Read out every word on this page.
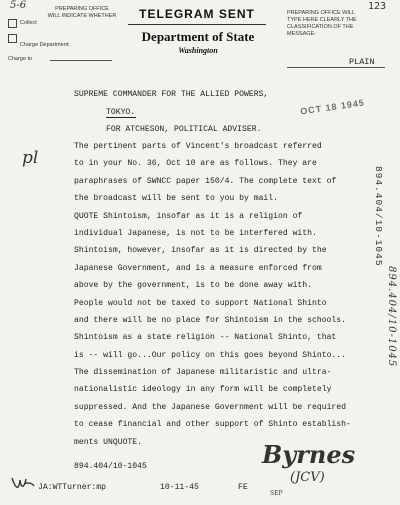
5-6	PREPARING OFFICE
WILL INDICATE WHETHER
Collect
Charge Department:
Charge to
TELEGRAM SENT
Department of State
Washington
PREPARING OFFICE WILL
TYPE HERE CLEARLY THE
CLASSIFICATION OF THE
MESSAGE:
PLAIN
123
OCT 18 1945
SUPREME COMMANDER FOR THE ALLIED POWERS,
TOKYO.
FOR ATCHESON, POLITICAL ADVISER.
pl
The pertinent parts of Vincent's broadcast referred
to in your No. 36, Oct 10 are as follows. They are
paraphrases of SWNCC paper 150/4. The complete text of
the broadcast will be sent to you by mail.
QUOTE Shintoism, insofar as it is a religion of
individual Japanese, is not to be interfered with.
Shintoism, however, insofar as it is directed by the
Japanese Government, and is a measure enforced from
above by the government, is to be done away with.
People would not be taxed to support National Shinto
and there will be no place for Shintoism in the schools.
Shintoism as a state religion -- National Shinto, that
is -- will go...Our policy on this goes beyond Shinto...
The dissemination of Japanese militaristic and ultra-
nationalistic ideology in any form will be completely
suppressed. And the Japanese Government will be required
to cease financial and other support of Shinto establish-
ments UNQUOTE.
894.404/10-1045
894.404/10-1045
894.404/10-1045
JA:WTTurner:mp	10-11-45	FE
Byrnes
(JCV)
SEP
